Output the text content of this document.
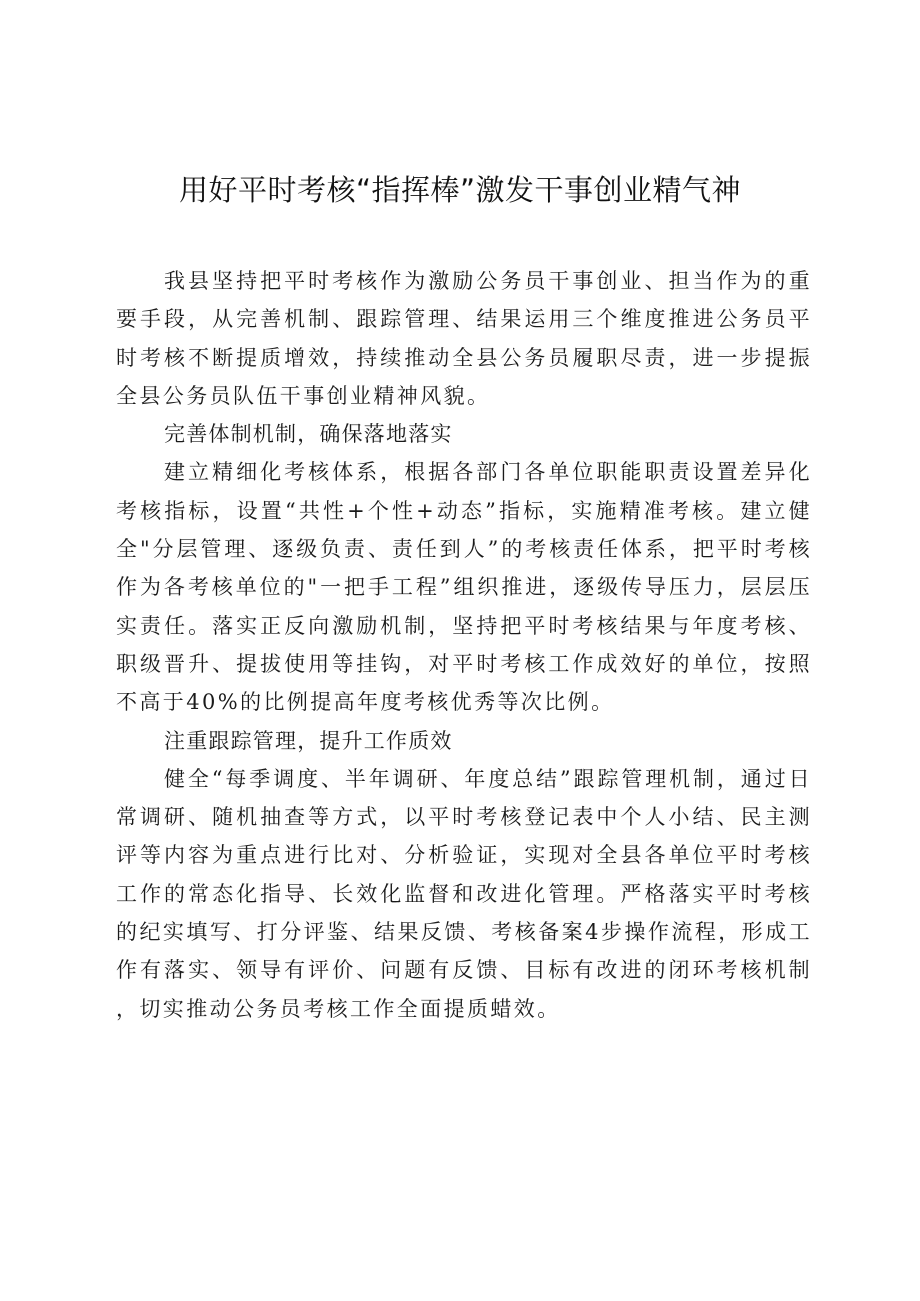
用好平时考核“指挥棒”激发干事创业精气神

我县坚持把平时考核作为激励公务员干事创业、担当作为的重要手段，从完善机制、跟踪管理、结果运用三个维度推进公务员平时考核不断提质增效，持续推动全县公务员履职尽责，进一步提振全县公务员队伍干事创业精神风貌。

完善体制机制，确保落地落实

建立精细化考核体系，根据各部门各单位职能职责设置差异化考核指标，设置“共性+个性+动态”指标，实施精准考核。建立健全"分层管理、逐级负责、责任到人”的考核责任体系，把平时考核作为各考核单位的"一把手工程”组织推进，逐级传导压力，层层压实责任。落实正反向激励机制，坚持把平时考核结果与年度考核、职级晋升、提拔使用等挂钩，对平时考核工作成效好的单位，按照不高于40%的比例提高年度考核优秀等次比例。

注重跟踪管理，提升工作质效

健全“每季调度、半年调研、年度总结”跟踪管理机制，通过日常调研、随机抽查等方式，以平时考核登记表中个人小结、民主测评等内容为重点进行比对、分析验证，实现对全县各单位平时考核工作的常态化指导、长效化监督和改进化管理。严格落实平时考核的纪实填写、打分评鉴、结果反馈、考核备案4步操作流程，形成工作有落实、领导有评价、问题有反馈、目标有改进的闭环考核机制，切实推动公务员考核工作全面提质蜡效。
